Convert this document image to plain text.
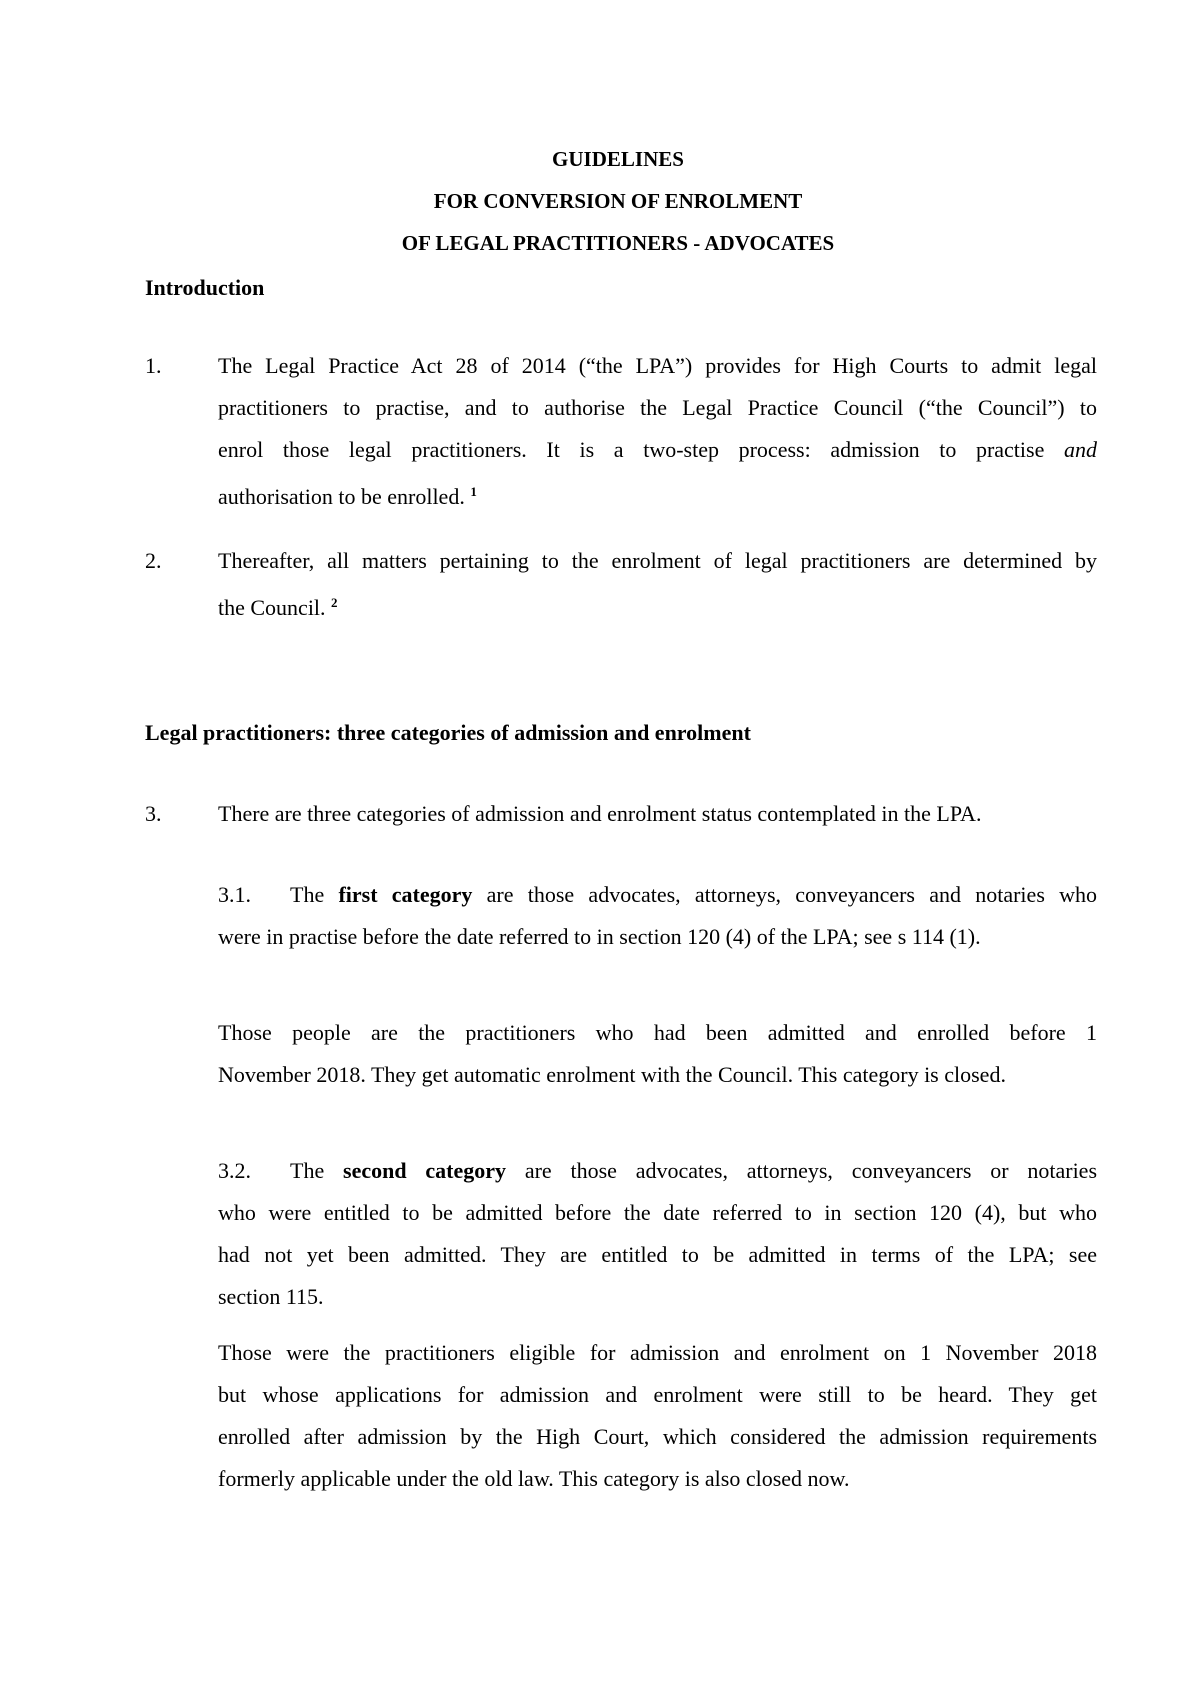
GUIDELINES
FOR CONVERSION OF ENROLMENT
OF LEGAL PRACTITIONERS - ADVOCATES
Introduction
1.	The Legal Practice Act 28 of 2014 (“the LPA”) provides for High Courts to admit legal
practitioners to practise, and to authorise the Legal Practice Council (“the Council”) to
enrol those legal practitioners. It is a two-step process: admission to practise and
authorisation to be enrolled. $^1$
2.	Thereafter, all matters pertaining to the enrolment of legal practitioners are determined by
the Council. $^2$
Legal practitioners: three categories of admission and enrolment
3.	There are three categories of admission and enrolment status contemplated in the LPA.
3.1. The first category are those advocates, attorneys, conveyancers and notaries who
were in practise before the date referred to in section 120 (4) of the LPA; see s 114 (1).
Those people are the practitioners who had been admitted and enrolled before 1
November 2018. They get automatic enrolment with the Council. This category is closed.
3.2. The second category are those advocates, attorneys, conveyancers or notaries
who were entitled to be admitted before the date referred to in section 120 (4), but who
had not yet been admitted. They are entitled to be admitted in terms of the LPA; see
section 115.
Those were the practitioners eligible for admission and enrolment on 1 November 2018
but whose applications for admission and enrolment were still to be heard. They get
enrolled after admission by the High Court, which considered the admission requirements
formerly applicable under the old law. This category is also closed now.
